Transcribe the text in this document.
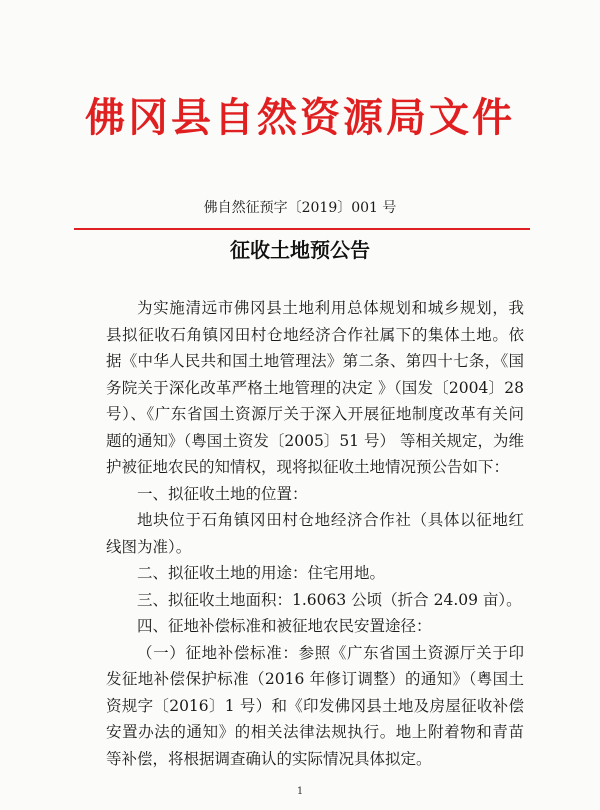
佛冈县自然资源局文件
佛自然征预字〔2019〕001 号
征收土地预公告

为实施清远市佛冈县土地利用总体规划和城乡规划，我县拟征收石角镇冈田村仓地经济合作社属下的集体土地。依据《中华人民共和国土地管理法》第二条、第四十七条，《国务院关于深化改革严格土地管理的决定 》（国发〔2004〕28 号）、《广东省国土资源厅关于深入开展征地制度改革有关问题的通知》（粤国土资发〔2005〕51 号） 等相关规定，为维护被征地农民的知情权，现将拟征收土地情况预公告如下：

一、拟征收土地的位置：

地块位于石角镇冈田村仓地经济合作社（具体以征地红线图为准）。

二、拟征收土地的用途：住宅用地。

三、拟征收土地面积：1.6063 公顷（折合 24.09 亩）。

四、征地补偿标准和被征地农民安置途径：

（一）征地补偿标准：参照《广东省国土资源厅关于印发征地补偿保护标准（2016 年修订调整）的通知》（粤国土资规字〔2016〕1 号）和《印发佛冈县土地及房屋征收补偿安置办法的通知》的相关法律法规执行。地上附着物和青苗等补偿，将根据调查确认的实际情况具体拟定。

1
